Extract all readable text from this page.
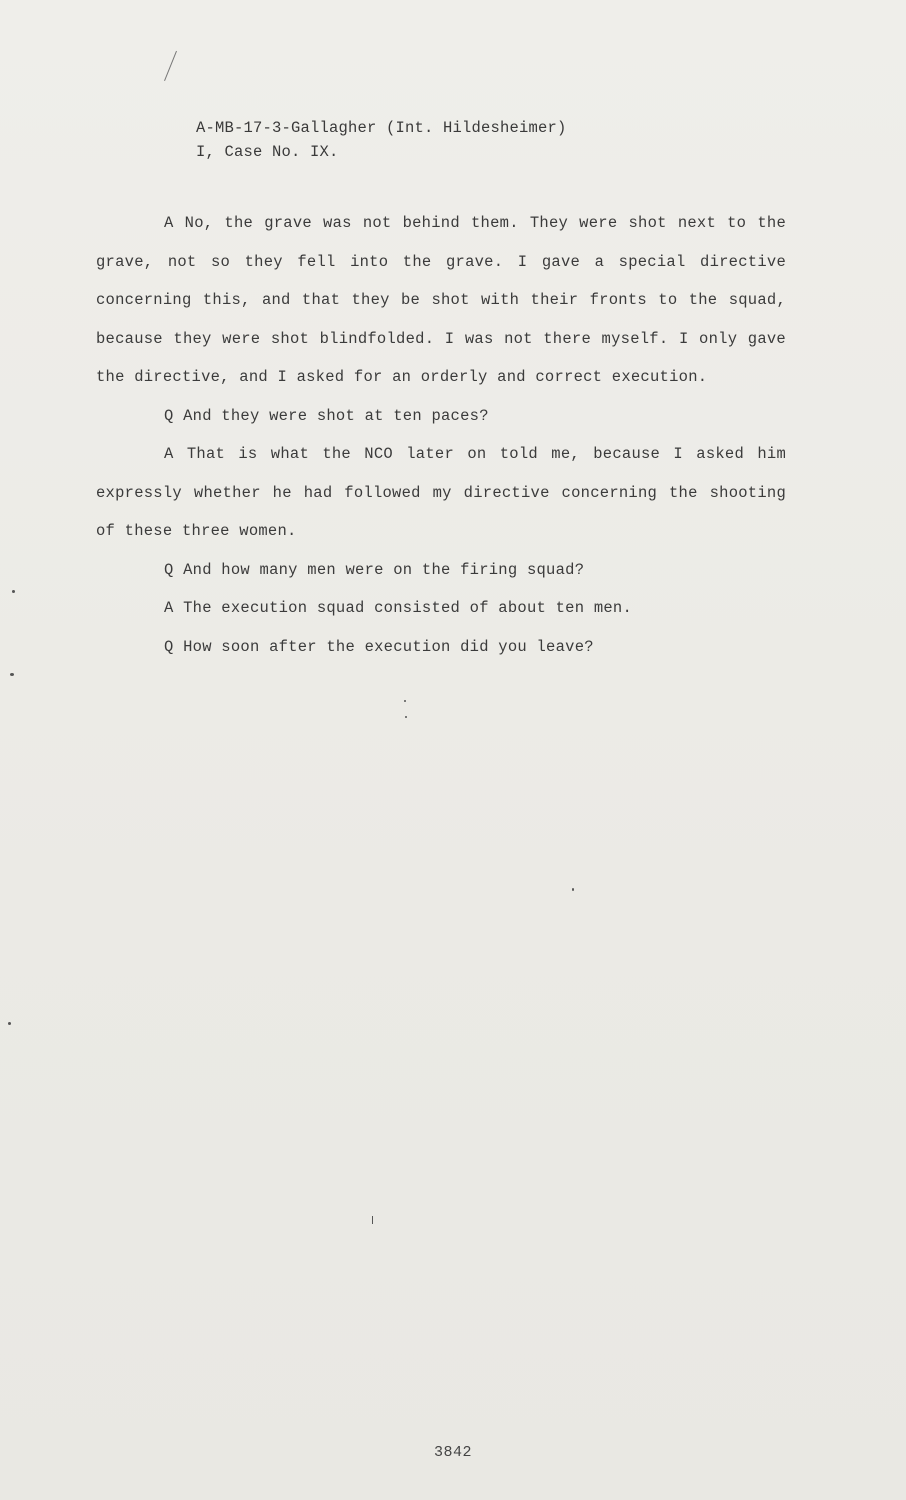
A-MB-17-3-Gallagher (Int. Hildesheimer)
I, Case No. IX.

A No, the grave was not behind them. They were shot next to the grave, not so they fell into the grave. I gave a special directive concerning this, and that they be shot with their fronts to the squad, because they were shot blindfolded. I was not there myself. I only gave the directive, and I asked for an orderly and correct execution.

Q And they were shot at ten paces?

A That is what the NCO later on told me, because I asked him expressly whether he had followed my directive concerning the shooting of these three women.

Q And how many men were on the firing squad?

A The execution squad consisted of about ten men.

Q How soon after the execution did you leave?

3842
